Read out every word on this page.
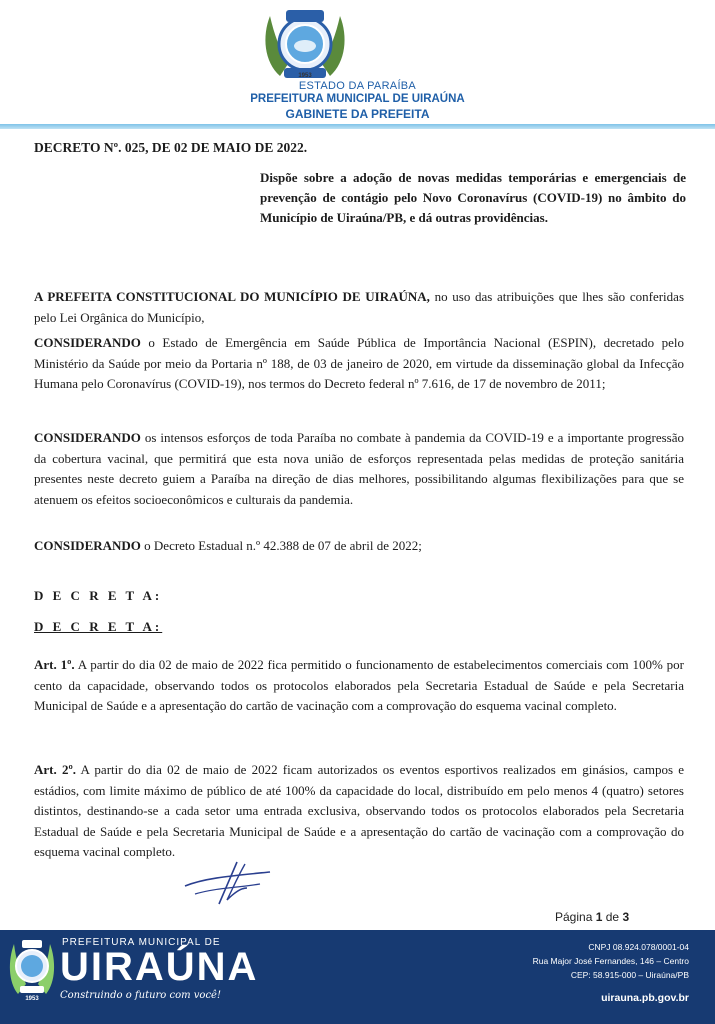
1953
ESTADO DA PARAÍBA
PREFEITURA MUNICIPAL DE UIRAÚNA
GABINETE DA PREFEITA
DECRETO Nº. 025, DE 02 DE MAIO DE 2022.
Dispõe sobre a adoção de novas medidas temporárias e emergenciais de prevenção de contágio pelo Novo Coronavírus (COVID-19) no âmbito do Município de Uiraúna/PB, e dá outras providências.
A PREFEITA CONSTITUCIONAL DO MUNICÍPIO DE UIRAÚNA, no uso das atribuições que lhes são conferidas pelo Lei Orgânica do Município,
CONSIDERANDO o Estado de Emergência em Saúde Pública de Importância Nacional (ESPIN), decretado pelo Ministério da Saúde por meio da Portaria nº 188, de 03 de janeiro de 2020, em virtude da disseminação global da Infecção Humana pelo Coronavírus (COVID-19), nos termos do Decreto federal nº 7.616, de 17 de novembro de 2011;
CONSIDERANDO os intensos esforços de toda Paraíba no combate à pandemia da COVID-19 e a importante progressão da cobertura vacinal, que permitirá que esta nova união de esforços representada pelas medidas de proteção sanitária presentes neste decreto guiem a Paraíba na direção de dias melhores, possibilitando algumas flexibilizações para que se atenuem os efeitos socioeconômicos e culturais da pandemia.
CONSIDERANDO o Decreto Estadual n.º 42.388 de 07 de abril de 2022;
D E C R E T A:
D E C R E T A:
Art. 1º. A partir do dia 02 de maio de 2022 fica permitido o funcionamento de estabelecimentos comerciais com 100% por cento da capacidade, observando todos os protocolos elaborados pela Secretaria Estadual de Saúde e pela Secretaria Municipal de Saúde e a apresentação do cartão de vacinação com a comprovação do esquema vacinal completo.
Art. 2º. A partir do dia 02 de maio de 2022 ficam autorizados os eventos esportivos realizados em ginásios, campos e estádios, com limite máximo de público de até 100% da capacidade do local, distribuído em pelo menos 4 (quatro) setores distintos, destinando-se a cada setor uma entrada exclusiva, observando todos os protocolos elaborados pela Secretaria Estadual de Saúde e pela Secretaria Municipal de Saúde e a apresentação do cartão de vacinação com a comprovação do esquema vacinal completo.
Página 1 de 3
1953
PREFEITURA MUNICIPAL DE
UIRAÚNA
Construindo o futuro com você!
CNPJ 08.924.078/0001-04
Rua Major José Fernandes, 146 – Centro
CEP: 58.915-000 – Uiraúna/PB
uirauna.pb.gov.br
